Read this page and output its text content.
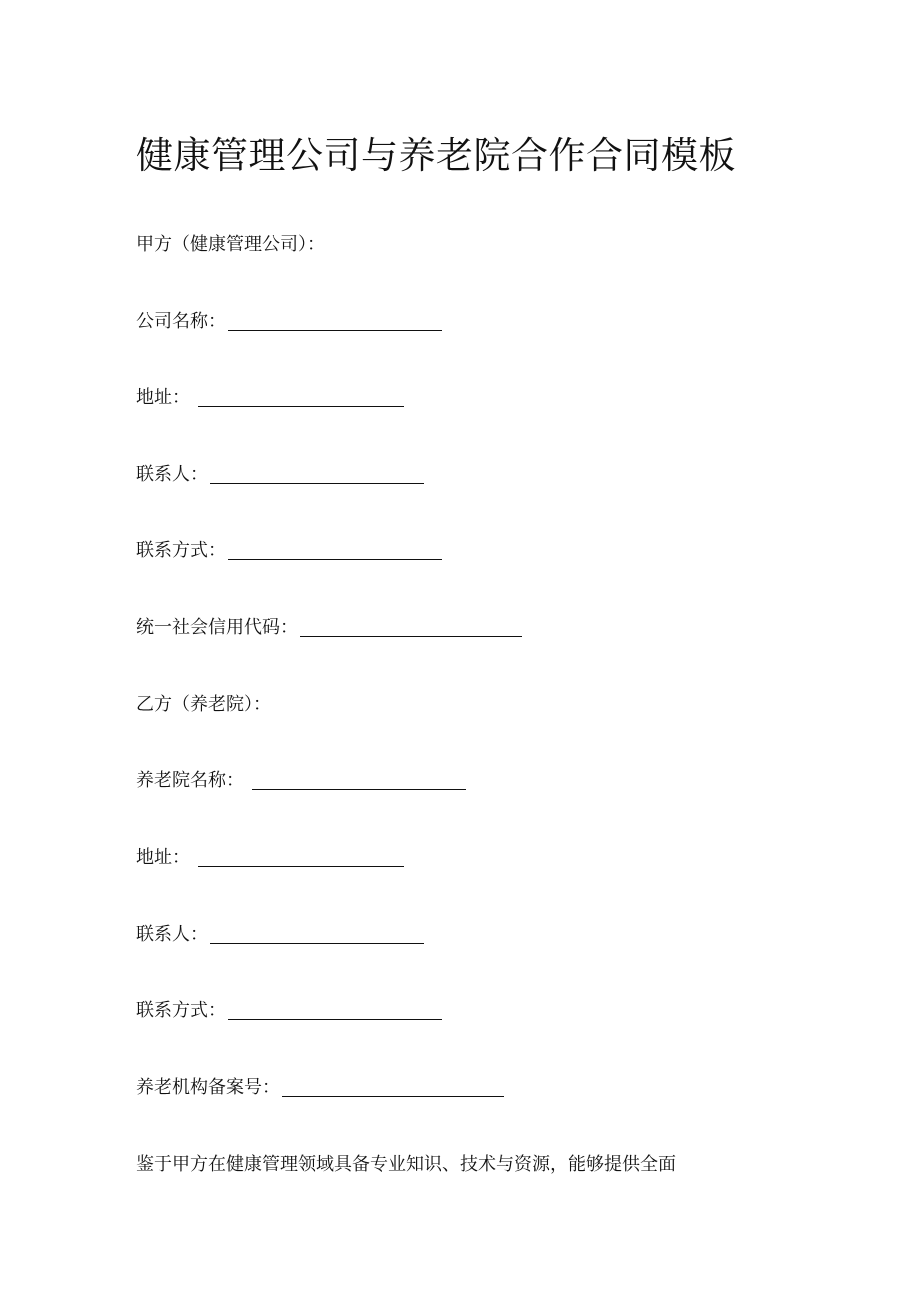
健康管理公司与养老院合作合同模板
甲方（健康管理公司）：
公司名称：
地址：
联系人：
联系方式：
统一社会信用代码：
乙方（养老院）：
养老院名称：
地址：
联系人：
联系方式：
养老机构备案号：
鉴于甲方在健康管理领域具备专业知识、技术与资源，能够提供全面
